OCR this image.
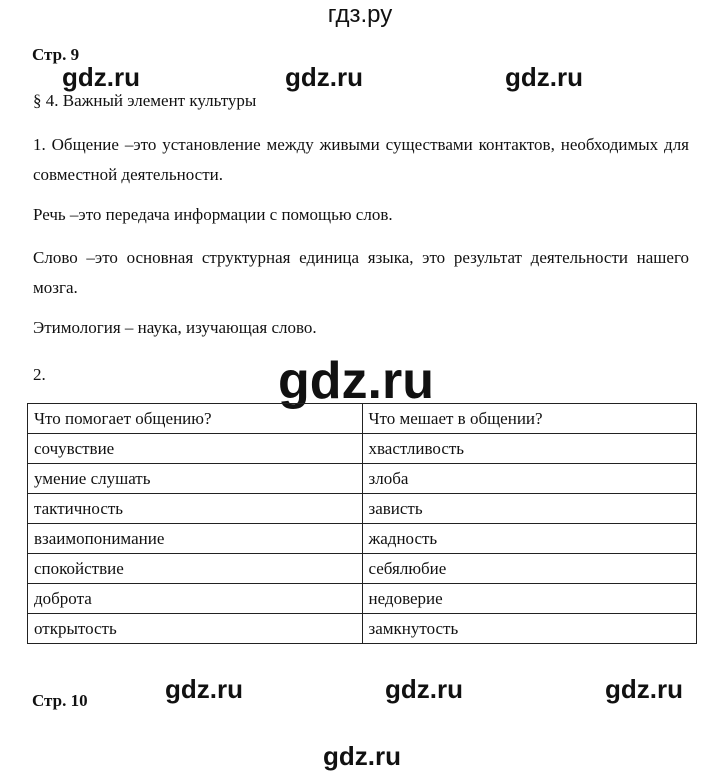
гдз.ру
Стр. 9
gdz.ru	gdz.ru	gdz.ru
§ 4. Важный элемент культуры
1. Общение –это установление между живыми существами контактов, необходимых для совместной деятельности.
Речь –это передача информации с помощью слов.
Слово –это основная структурная единица языка, это результат деятельности нашего мозга.
Этимология – наука, изучающая слово.
2.	gdz.ru
Что помогает общению?	Что мешает в общении?
сочувствие	хвастливость
умение слушать	злоба
тактичность	зависть
взаимопонимание	жадность
спокойствие	себялюбие
доброта	недоверие
открытость	замкнутость
gdz.ru	gdz.ru	gdz.ru
Стр. 10
gdz.ru
